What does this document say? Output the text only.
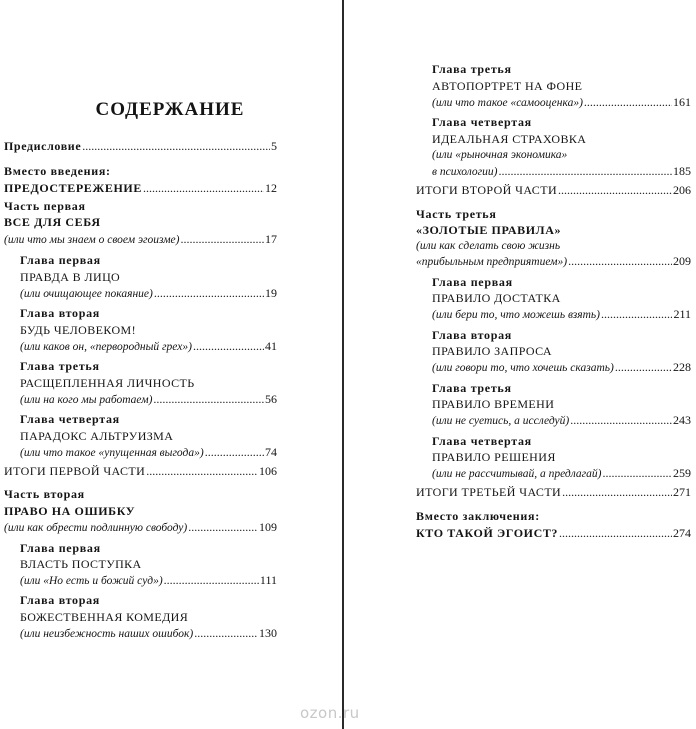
СОДЕРЖАНИЕ
Предисловие .....	5
Вместо введения:
ПРЕДОСТЕРЕЖЕНИЕ .....	12
Часть первая
ВСЕ ДЛЯ СЕБЯ
(или что мы знаем о своем эгоизме) .....	17
Глава первая
ПРАВДА В ЛИЦО
(или очищающее покаяние) .....	19
Глава вторая
БУДЬ ЧЕЛОВЕКОМ!
(или каков он, «первородный грех») .....	41
Глава третья
РАСЩЕПЛЕННАЯ ЛИЧНОСТЬ
(или на кого мы работаем) .....	56
Глава четвертая
ПАРАДОКС АЛЬТРУИЗМА
(или что такое «упущенная выгода») .....	74
ИТОГИ ПЕРВОЙ ЧАСТИ .....	106
Часть вторая
ПРАВО НА ОШИБКУ
(или как обрести подлинную свободу) .....	109
Глава первая
ВЛАСТЬ ПОСТУПКА
(или «Но есть и божий суд») .....	111
Глава вторая
БОЖЕСТВЕННАЯ КОМЕДИЯ
(или неизбежность наших ошибок) .....	130
Глава третья
АВТОПОРТРЕТ НА ФОНЕ
(или что такое «самооценка») .....	161
Глава четвертая
ИДЕАЛЬНАЯ СТРАХОВКА
(или «рыночная экономика»
в психологии) .....	185
ИТОГИ ВТОРОЙ ЧАСТИ .....	206
Часть третья
«ЗОЛОТЫЕ ПРАВИЛА»
(или как сделать свою жизнь
«прибыльным предприятием») .....	209
Глава первая
ПРАВИЛО ДОСТАТКА
(или бери то, что можешь взять) .....	211
Глава вторая
ПРАВИЛО ЗАПРОСА
(или говори то, что хочешь сказать) .....	228
Глава третья
ПРАВИЛО ВРЕМЕНИ
(или не суетись, а исследуй) .....	243
Глава четвертая
ПРАВИЛО РЕШЕНИЯ
(или не рассчитывай, а предлагай) .....	259
ИТОГИ ТРЕТЬЕЙ ЧАСТИ .....	271
Вместо заключения:
КТО ТАКОЙ ЭГОИСТ? .....	274
ozon.ru
